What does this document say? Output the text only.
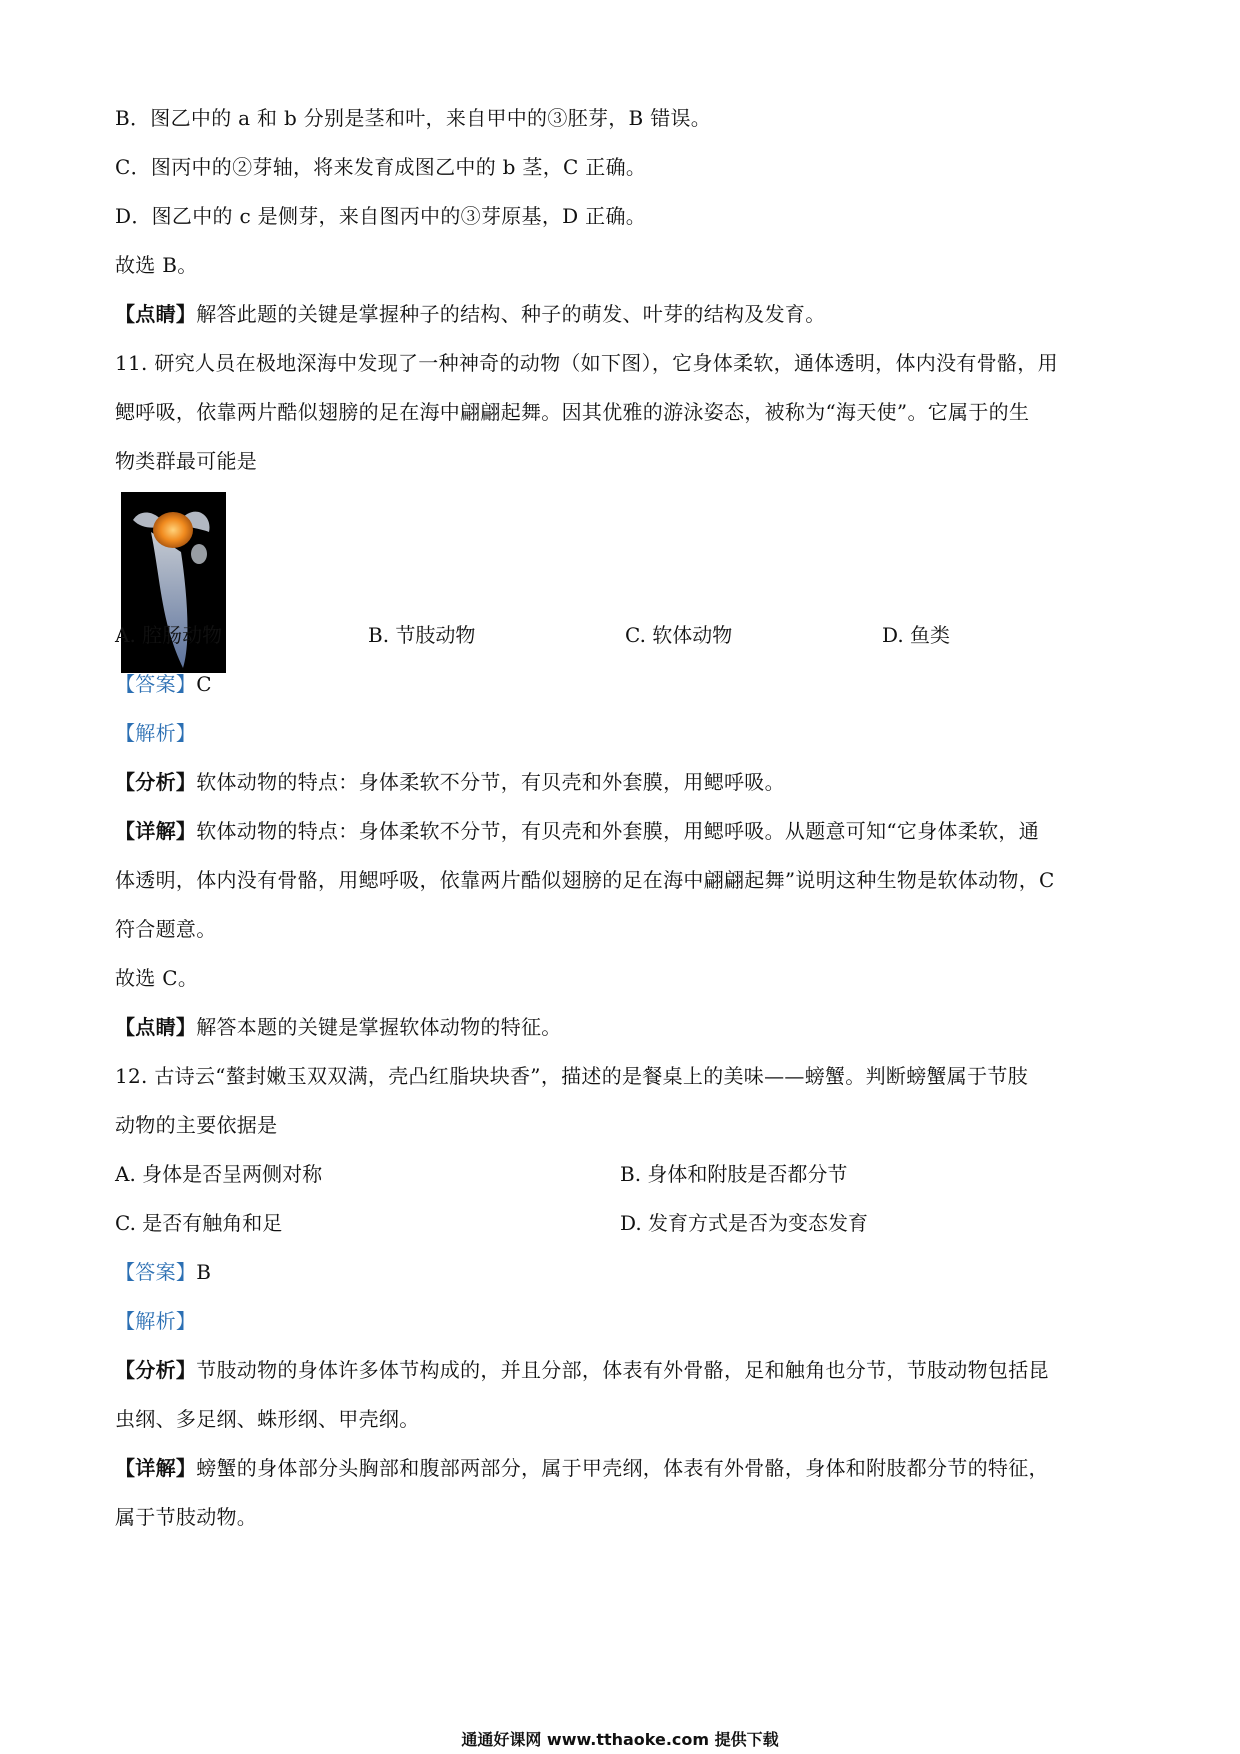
B．图乙中的 a 和 b 分别是茎和叶，来自甲中的③胚芽，B 错误。
C．图丙中的②芽轴，将来发育成图乙中的 b 茎，C 正确。
D．图乙中的 c 是侧芽，来自图丙中的③芽原基，D 正确。
故选 B。
【点睛】解答此题的关键是掌握种子的结构、种子的萌发、叶芽的结构及发育。
11. 研究人员在极地深海中发现了一种神奇的动物（如下图），它身体柔软，通体透明，体内没有骨骼，用
鳃呼吸，依靠两片酷似翅膀的足在海中翩翩起舞。因其优雅的游泳姿态，被称为“海天使”。它属于的生
物类群最可能是
A. 腔肠动物	B. 节肢动物	C. 软体动物	D. 鱼类
【答案】C
【解析】
【分析】软体动物的特点：身体柔软不分节，有贝壳和外套膜，用鳃呼吸。
【详解】软体动物的特点：身体柔软不分节，有贝壳和外套膜，用鳃呼吸。从题意可知“它身体柔软，通
体透明，体内没有骨骼，用鳃呼吸，依靠两片酷似翅膀的足在海中翩翩起舞”说明这种生物是软体动物，C
符合题意。
故选 C。
【点睛】解答本题的关键是掌握软体动物的特征。
12. 古诗云“螯封嫩玉双双满，壳凸红脂块块香”，描述的是餐桌上的美味——螃蟹。判断螃蟹属于节肢
动物的主要依据是
A. 身体是否呈两侧对称	B. 身体和附肢是否都分节
C. 是否有触角和足	D. 发育方式是否为变态发育
【答案】B
【解析】
【分析】节肢动物的身体许多体节构成的，并且分部，体表有外骨骼，足和触角也分节，节肢动物包括昆
虫纲、多足纲、蛛形纲、甲壳纲。
【详解】螃蟹的身体部分头胸部和腹部两部分，属于甲壳纲，体表有外骨骼，身体和附肢都分节的特征，
属于节肢动物。
通通好课网 www.tthaoke.com 提供下载
